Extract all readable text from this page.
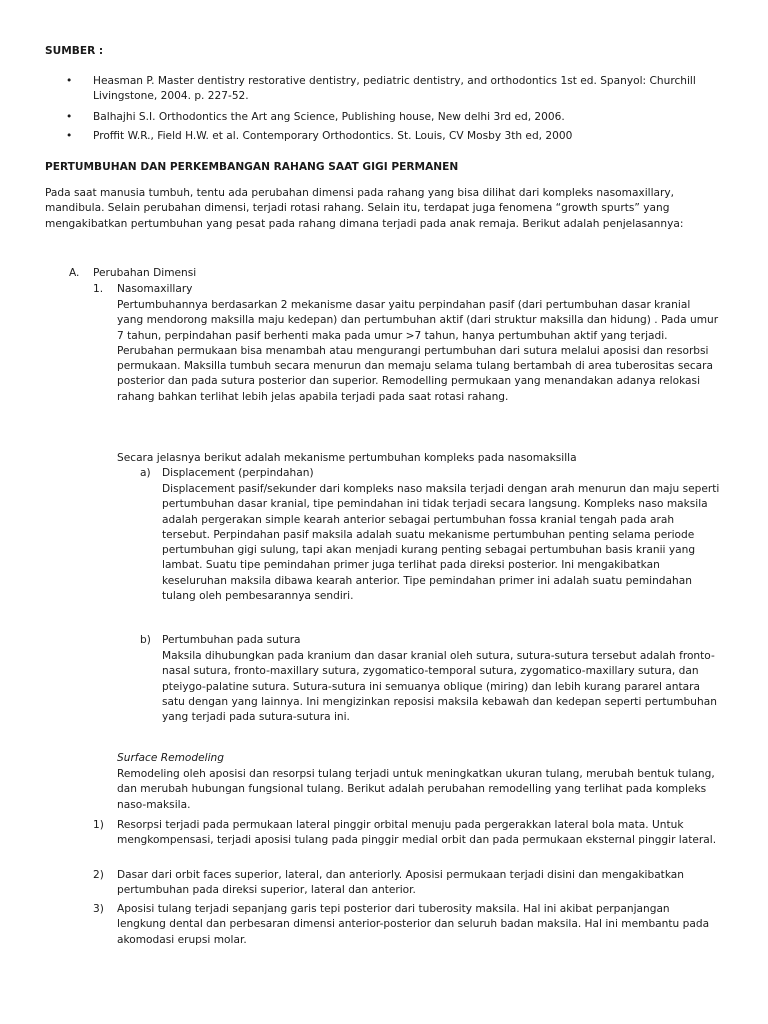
SUMBER :
• Heasman P. Master dentistry restorative dentistry, pediatric dentistry, and orthodontics 1st ed. Spanyol: Churchill Livingstone, 2004. p. 227-52.

• Balhajhi S.I. Orthodontics the Art ang Science, Publishing house, New delhi 3rd ed, 2006.

• Proffit W.R., Field H.W. et al. Contemporary Orthodontics. St. Louis, CV Mosby 3th ed, 2000

PERTUMBUHAN DAN PERKEMBANGAN RAHANG SAAT GIGI PERMANEN

Pada saat manusia tumbuh, tentu ada perubahan dimensi pada rahang yang bisa dilihat dari kompleks nasomaxillary, mandibula. Selain perubahan dimensi, terjadi rotasi rahang. Selain itu, terdapat juga fenomena “growth spurts” yang mengakibatkan pertumbuhan yang pesat pada rahang dimana terjadi pada anak remaja. Berikut adalah penjelasannya:

A. Perubahan Dimensi
1. Nasomaxillary

Pertumbuhannya berdasarkan 2 mekanisme dasar yaitu perpindahan pasif (dari pertumbuhan dasar kranial yang mendorong maksilla maju kedepan) dan pertumbuhan aktif (dari struktur maksilla dan hidung) . Pada umur 7 tahun, perpindahan pasif berhenti maka pada umur >7 tahun, hanya pertumbuhan aktif yang terjadi. Perubahan permukaan bisa menambah atau mengurangi pertumbuhan dari sutura melalui aposisi dan resorbsi permukaan. Maksilla tumbuh secara menurun dan memaju selama tulang bertambah di area tuberositas secara posterior dan pada sutura posterior dan superior. Remodelling permukaan yang menandakan adanya relokasi rahang bahkan terlihat lebih jelas apabila terjadi pada saat rotasi rahang.

Secara jelasnya berikut adalah mekanisme pertumbuhan kompleks pada nasomaksilla

a) Displacement (perpindahan)

Displacement pasif/sekunder dari kompleks naso maksila terjadi dengan arah menurun dan maju seperti pertumbuhan dasar kranial, tipe pemindahan ini tidak terjadi secara langsung. Kompleks naso maksila adalah pergerakan simple kearah anterior sebagai pertumbuhan fossa kranial tengah pada arah tersebut. Perpindahan pasif maksila adalah suatu mekanisme pertumbuhan penting selama periode pertumbuhan gigi sulung, tapi akan menjadi kurang penting sebagai pertumbuhan basis kranii yang lambat. Suatu tipe pemindahan primer juga terlihat pada direksi posterior. Ini mengakibatkan keseluruhan maksila dibawa kearah anterior. Tipe pemindahan primer ini adalah suatu pemindahan tulang oleh pembesarannya sendiri.

b) Pertumbuhan pada sutura

Maksila dihubungkan pada kranium dan dasar kranial oleh sutura, sutura-sutura tersebut adalah fronto-nasal sutura, fronto-maxillary sutura, zygomatico-temporal sutura, zygomatico-maxillary sutura, dan pteiygo-palatine sutura. Sutura-sutura ini semuanya oblique (miring) dan lebih kurang pararel antara satu dengan yang lainnya. Ini mengizinkan reposisi maksila kebawah dan kedepan seperti pertumbuhan yang terjadi pada sutura-sutura ini.

Surface Remodeling

Remodeling oleh aposisi dan resorpsi tulang terjadi untuk meningkatkan ukuran tulang, merubah bentuk tulang, dan merubah hubungan fungsional tulang. Berikut adalah perubahan remodelling yang terlihat pada kompleks naso-maksila.

1) Resorpsi terjadi pada permukaan lateral pinggir orbital menuju pada pergerakkan lateral bola mata. Untuk mengkompensasi, terjadi aposisi tulang pada pinggir medial orbit dan pada permukaan eksternal pinggir lateral.

2) Dasar dari orbit faces superior, lateral, dan anteriorly. Aposisi permukaan terjadi disini dan mengakibatkan pertumbuhan pada direksi superior, lateral dan anterior.

3) Aposisi tulang terjadi sepanjang garis tepi posterior dari tuberosity maksila. Hal ini akibat perpanjangan lengkung dental dan perbesaran dimensi anterior-posterior dan seluruh badan maksila. Hal ini membantu pada akomodasi erupsi molar.
